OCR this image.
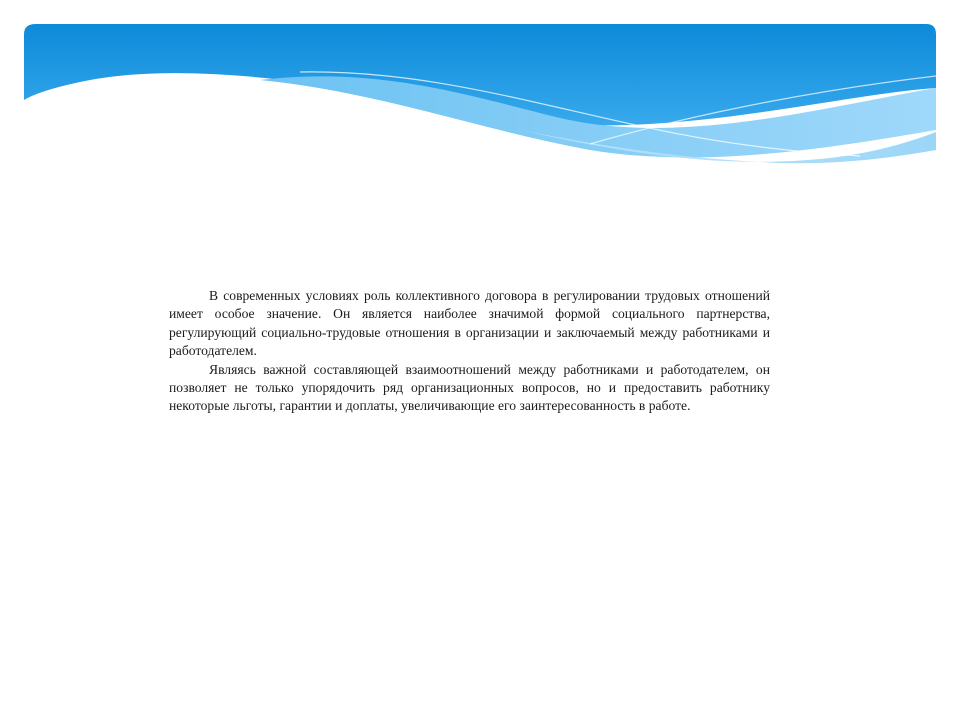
В современных условиях роль коллективного договора в регулировании трудовых отношений имеет особое значение. Он является наиболее значимой формой социального партнерства, регулирующий социально-трудовые отношения в организации и заключаемый между работниками и работодателем.

Являясь важной составляющей взаимоотношений между работниками и работодателем, он позволяет не только упорядочить ряд организационных вопросов, но и предоставить работнику некоторые льготы, гарантии и доплаты, увеличивающие его заинтересованность в работе.
